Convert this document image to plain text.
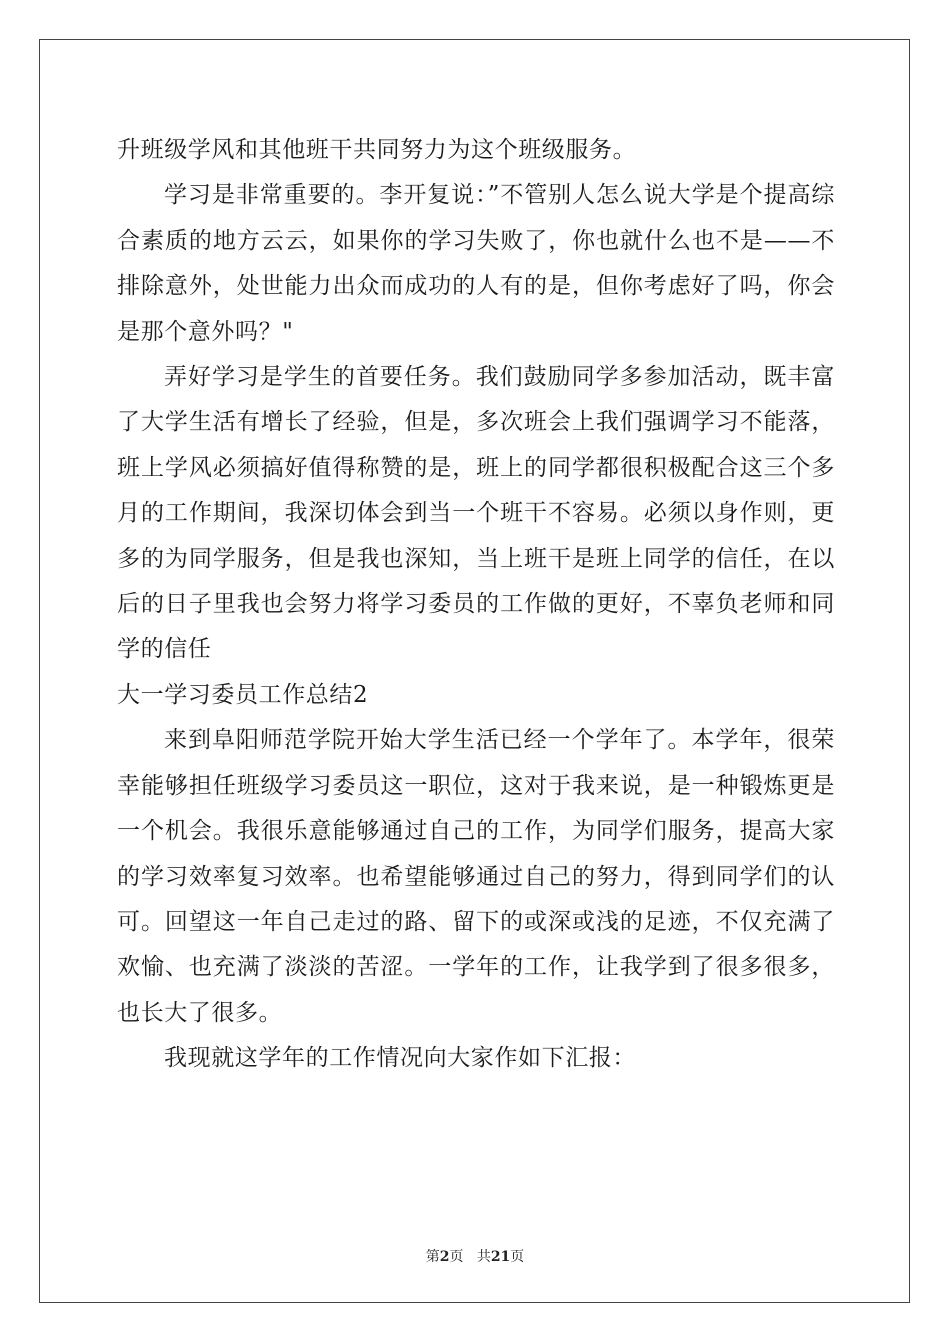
升班级学风和其他班干共同努力为这个班级服务。

学习是非常重要的。李开复说：”不管别人怎么说大学是个提高综合素质的地方云云，如果你的学习失败了，你也就什么也不是——不排除意外，处世能力出众而成功的人有的是，但你考虑好了吗，你会是那个意外吗？"

弄好学习是学生的首要任务。我们鼓励同学多参加活动，既丰富了大学生活有增长了经验，但是，多次班会上我们强调学习不能落，班上学风必须搞好值得称赞的是，班上的同学都很积极配合这三个多月的工作期间，我深切体会到当一个班干不容易。必须以身作则，更多的为同学服务，但是我也深知，当上班干是班上同学的信任，在以后的日子里我也会努力将学习委员的工作做的更好，不辜负老师和同学的信任

大一学习委员工作总结2

来到阜阳师范学院开始大学生活已经一个学年了。本学年，很荣幸能够担任班级学习委员这一职位，这对于我来说，是一种锻炼更是一个机会。我很乐意能够通过自己的工作，为同学们服务，提高大家的学习效率复习效率。也希望能够通过自己的努力，得到同学们的认可。回望这一年自己走过的路、留下的或深或浅的足迹，不仅充满了欢愉、也充满了淡淡的苦涩。一学年的工作，让我学到了很多很多，也长大了很多。

我现就这学年的工作情况向大家作如下汇报：

第2页 共21页
